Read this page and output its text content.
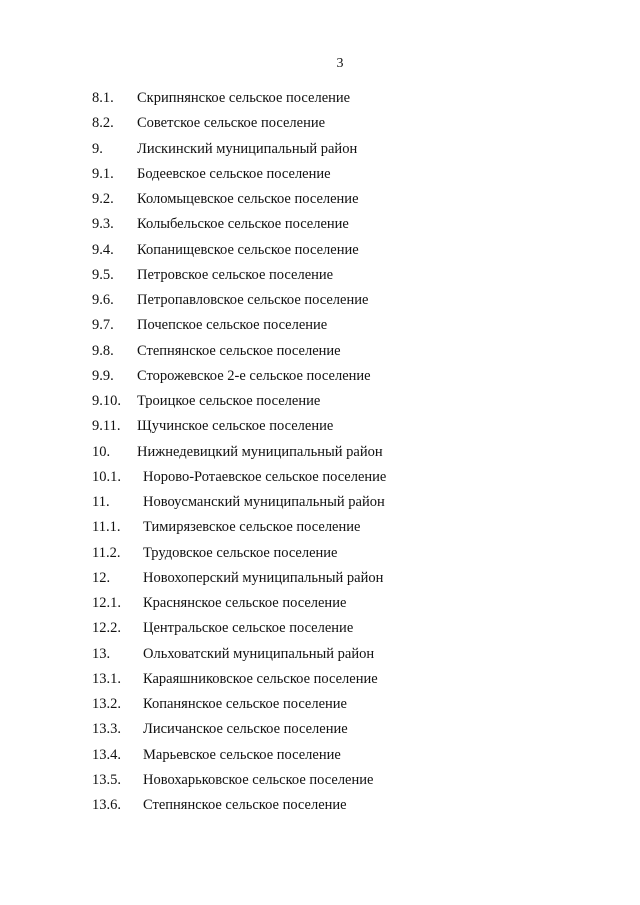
3
8.1.	Скрипнянское сельское поселение
8.2.	Советское сельское поселение
9.	Лискинский муниципальный район
9.1.	Бодеевское сельское поселение
9.2.	Коломыцевское сельское поселение
9.3.	Колыбельское сельское поселение
9.4.	Копанищевское сельское поселение
9.5.	Петровское сельское поселение
9.6.	Петропавловское сельское поселение
9.7.	Почепское сельское поселение
9.8.	Степнянское сельское поселение
9.9.	Сторожевское 2-е сельское поселение
9.10.	Троицкое сельское поселение
9.11.	Щучинское сельское поселение
10.	Нижнедевицкий муниципальный район
10.1.	Норово-Ротаевское сельское поселение
11.	Новоусманский муниципальный район
11.1.	Тимирязевское сельское поселение
11.2.	Трудовское сельское поселение
12.	Новохоперский муниципальный район
12.1.	Краснянское сельское поселение
12.2.	Центральское сельское поселение
13.	Ольховатский муниципальный район
13.1.	Караяшниковское сельское поселение
13.2.	Копанянское сельское поселение
13.3.	Лисичанское сельское поселение
13.4.	Марьевское сельское поселение
13.5.	Новохарьковское сельское поселение
13.6.	Степнянское сельское поселение
